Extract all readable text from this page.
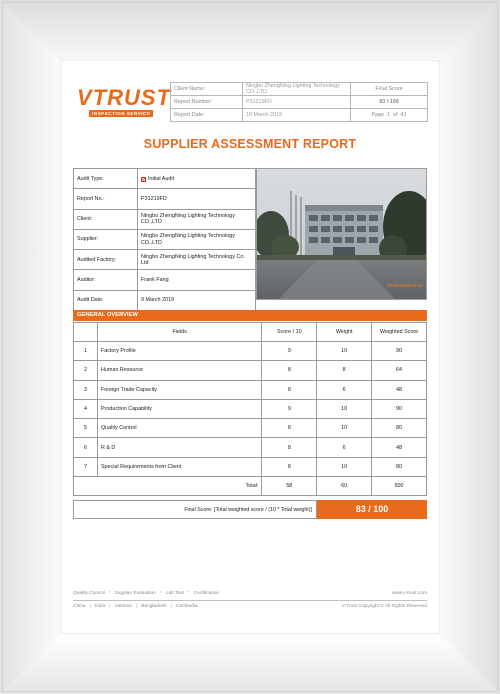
VTRUST
INSPECTION SERVICE
Client Name:	Ningbo ZhengNing Lighting Technology CO.,LTD	Final Score
Report Number:	P31219FD	83 / 100
Report Date:	10 March 2019	Page 1 of 41
SUPPLIER ASSESSMENT REPORT
Audit Type:	✓ Initial Audit
Report No.:	P31219FD
Client:	Ningbo ZhengNing Lighting Technology CO.,LTD
Supplier:	Ningbo ZhengNing Lighting Technology CO.,LTD
Audited Factory:	Ningbo ZhengNing Lighting Technology Co. Ltd
Auditor:	Frank Fang
Audit Date:	9 March 2019
2019/03/09 09:42
GENERAL OVERVIEW
	Fields	Score / 10	Weight	Weighted Score
1	Factory Profile	9	10	90
2	Human Resource	8	8	64
3	Foreign Trade Capacity	8	6	48
4	Production Capability	9	10	90
5	Quality Control	8	10	80
6	R & D	8	6	48
7	Special Requirements from Client	8	10	80
Total:		58	60	500
Final Score: [Total weighted score / (10 * Total weight)]	83 / 100
Quality Control * Supplier Evaluation * Lab Test * Certification	www.v-trust.com
China | India | Vietnam | Bangladesh | Cambodia	V-Trust Copyright © All Rights Reserved
